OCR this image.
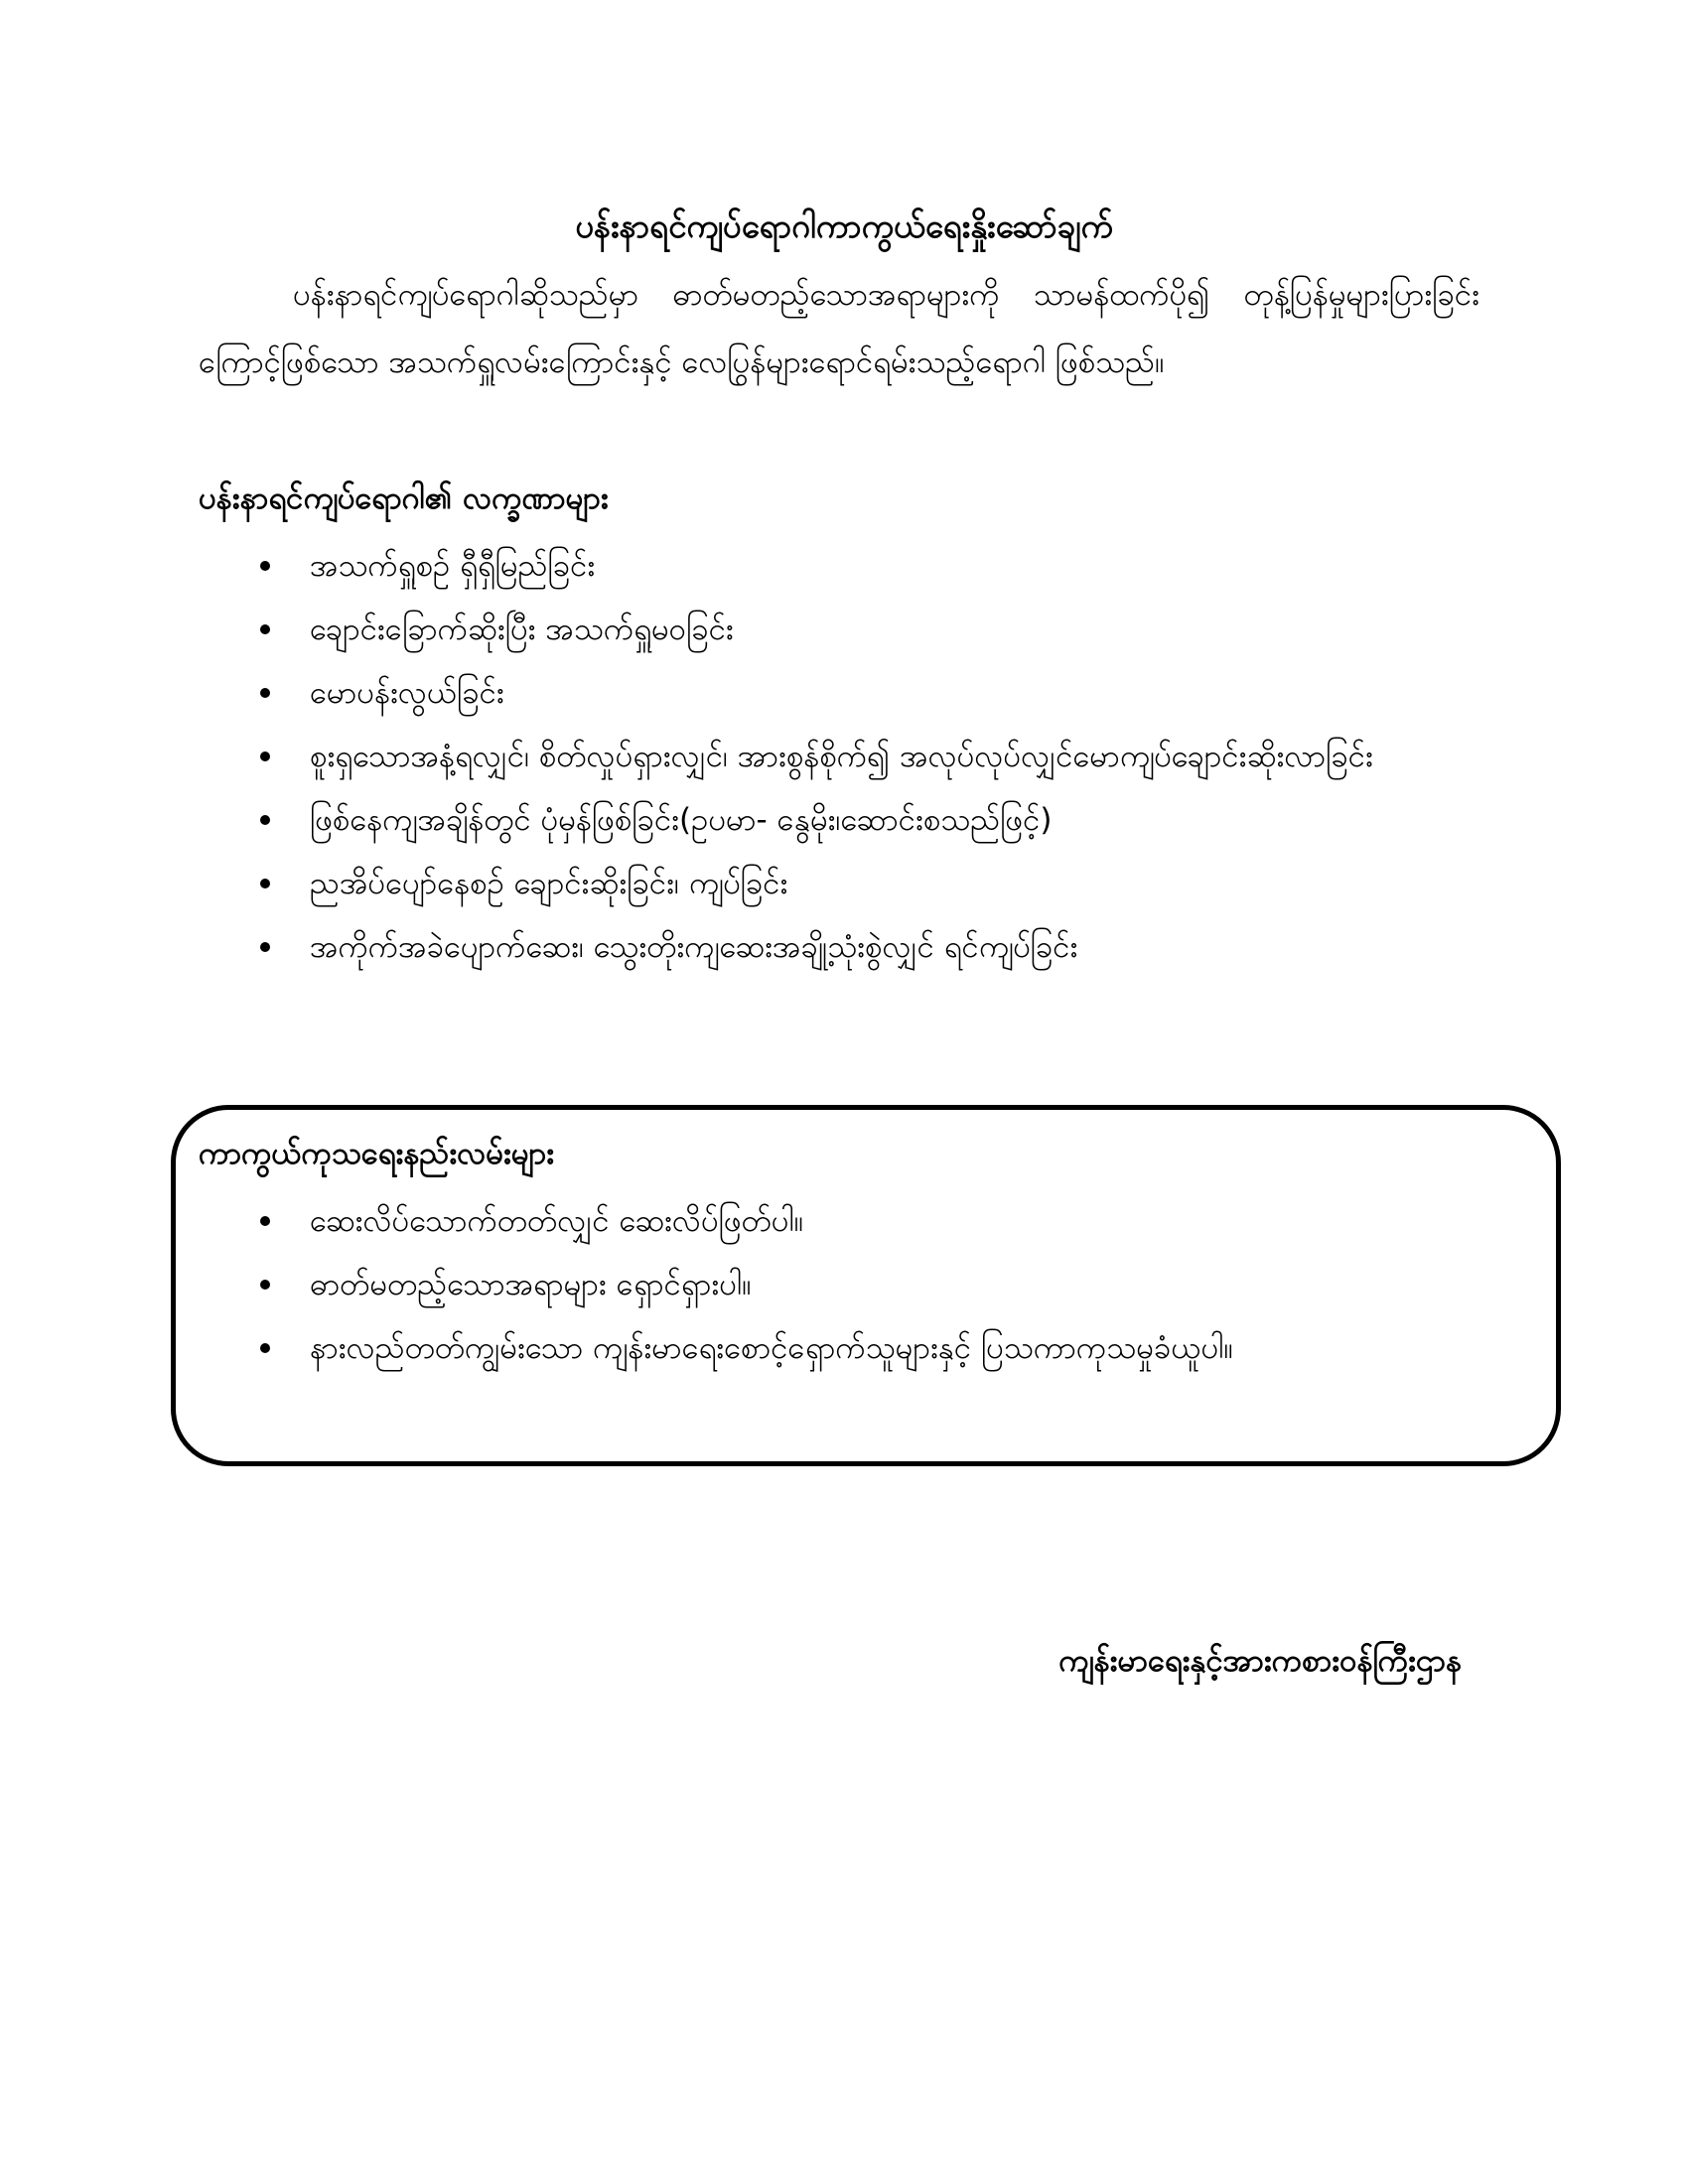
ပန်းနာရင်ကျပ်ရောဂါကာကွယ်ရေးနှိုးဆော်ချက်

ပန်းနာရင်ကျပ်ရောဂါဆိုသည်မှာ ဓာတ်မတည့်သောအရာများကို သာမန်ထက်ပို၍ တုန့်ပြန်မှုများပြားခြင်းကြောင့်ဖြစ်သော အသက်ရှူလမ်းကြောင်းနှင့် လေပြွန်များရောင်ရမ်းသည့်ရောဂါ ဖြစ်သည်။

ပန်းနာရင်ကျပ်ရောဂါ၏ လက္ခဏာများ
အသက်ရှူစဉ် ရှီရှီမြည်ခြင်း
ချောင်းခြောက်ဆိုးပြီး အသက်ရှူမဝခြင်း
မောပန်းလွယ်ခြင်း
စူးရှသောအနံ့ရလျှင်၊ စိတ်လှုပ်ရှားလျှင်၊ အားစွန်စိုက်၍ အလုပ်လုပ်လျှင်မောကျပ်ချောင်းဆိုးလာခြင်း
ဖြစ်နေကျအချိန်တွင် ပုံမှန်ဖြစ်ခြင်း(ဥပမာ- နွေမိုး၊ဆောင်းစသည်ဖြင့်)
ညအိပ်ပျော်နေစဉ် ချောင်းဆိုးခြင်း၊ ကျပ်ခြင်း
အကိုက်အခဲပျောက်ဆေး၊ သွေးတိုးကျဆေးအချို့သုံးစွဲလျှင် ရင်ကျပ်ခြင်း
ကာကွယ်ကုသရေးနည်းလမ်းများ
ဆေးလိပ်သောက်တတ်လျှင် ဆေးလိပ်ဖြတ်ပါ။
ဓာတ်မတည့်သောအရာများ ရှောင်ရှားပါ။
နားလည်တတ်ကျွမ်းသော ကျန်းမာရေးစောင့်ရှောက်သူများနှင့် ပြသကာကုသမှုခံယူပါ။

ကျန်းမာရေးနှင့်အားကစားဝန်ကြီးဌာန
